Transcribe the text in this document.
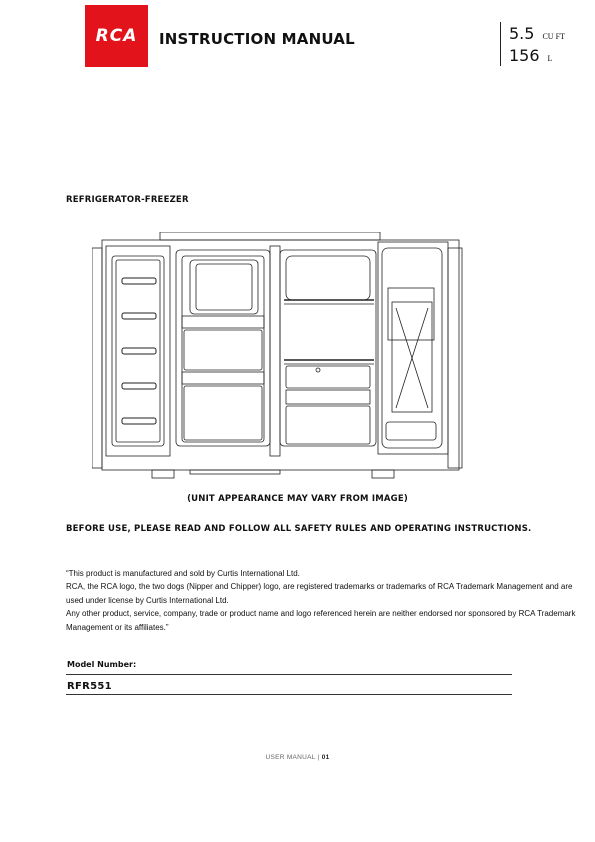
RCA INSTRUCTION MANUAL	5.5 CU FT
156 L
REFRIGERATOR-FREEZER
(UNIT APPEARANCE MAY VARY FROM IMAGE)
BEFORE USE, PLEASE READ AND FOLLOW ALL SAFETY RULES AND OPERATING INSTRUCTIONS.

“This product is manufactured and sold by Curtis International Ltd.

RCA, the RCA logo, the two dogs (Nipper and Chipper) logo, are registered trademarks or trademarks of RCA Trademark Management and are used under license by Curtis International Ltd.

Any other product, service, company, trade or product name and logo referenced herein are neither endorsed nor sponsored by RCA Trademark Management or its affiliates.”

Model Number:
RFR551
USER MANUAL | 01
